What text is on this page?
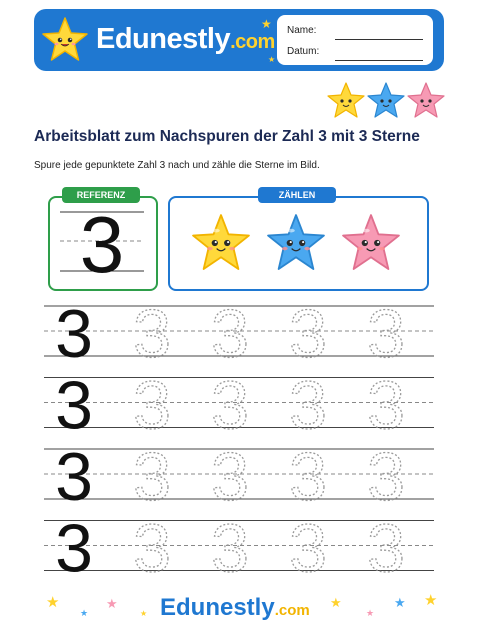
Edunestly.com
★
★
Name:
Datum:
Arbeitsblatt zum Nachspuren der Zahl 3 mit 3 Sterne
Spure jede gepunktete Zahl 3 nach und zähle die Sterne im Bild.
REFERENZ
3
ZÄHLEN
3 3 3 3 3
3 3 3 3 3
3 3 3 3 3
3 3 3 3 3
★
★
★
★ Edunestly.com ★
★
★ ★
